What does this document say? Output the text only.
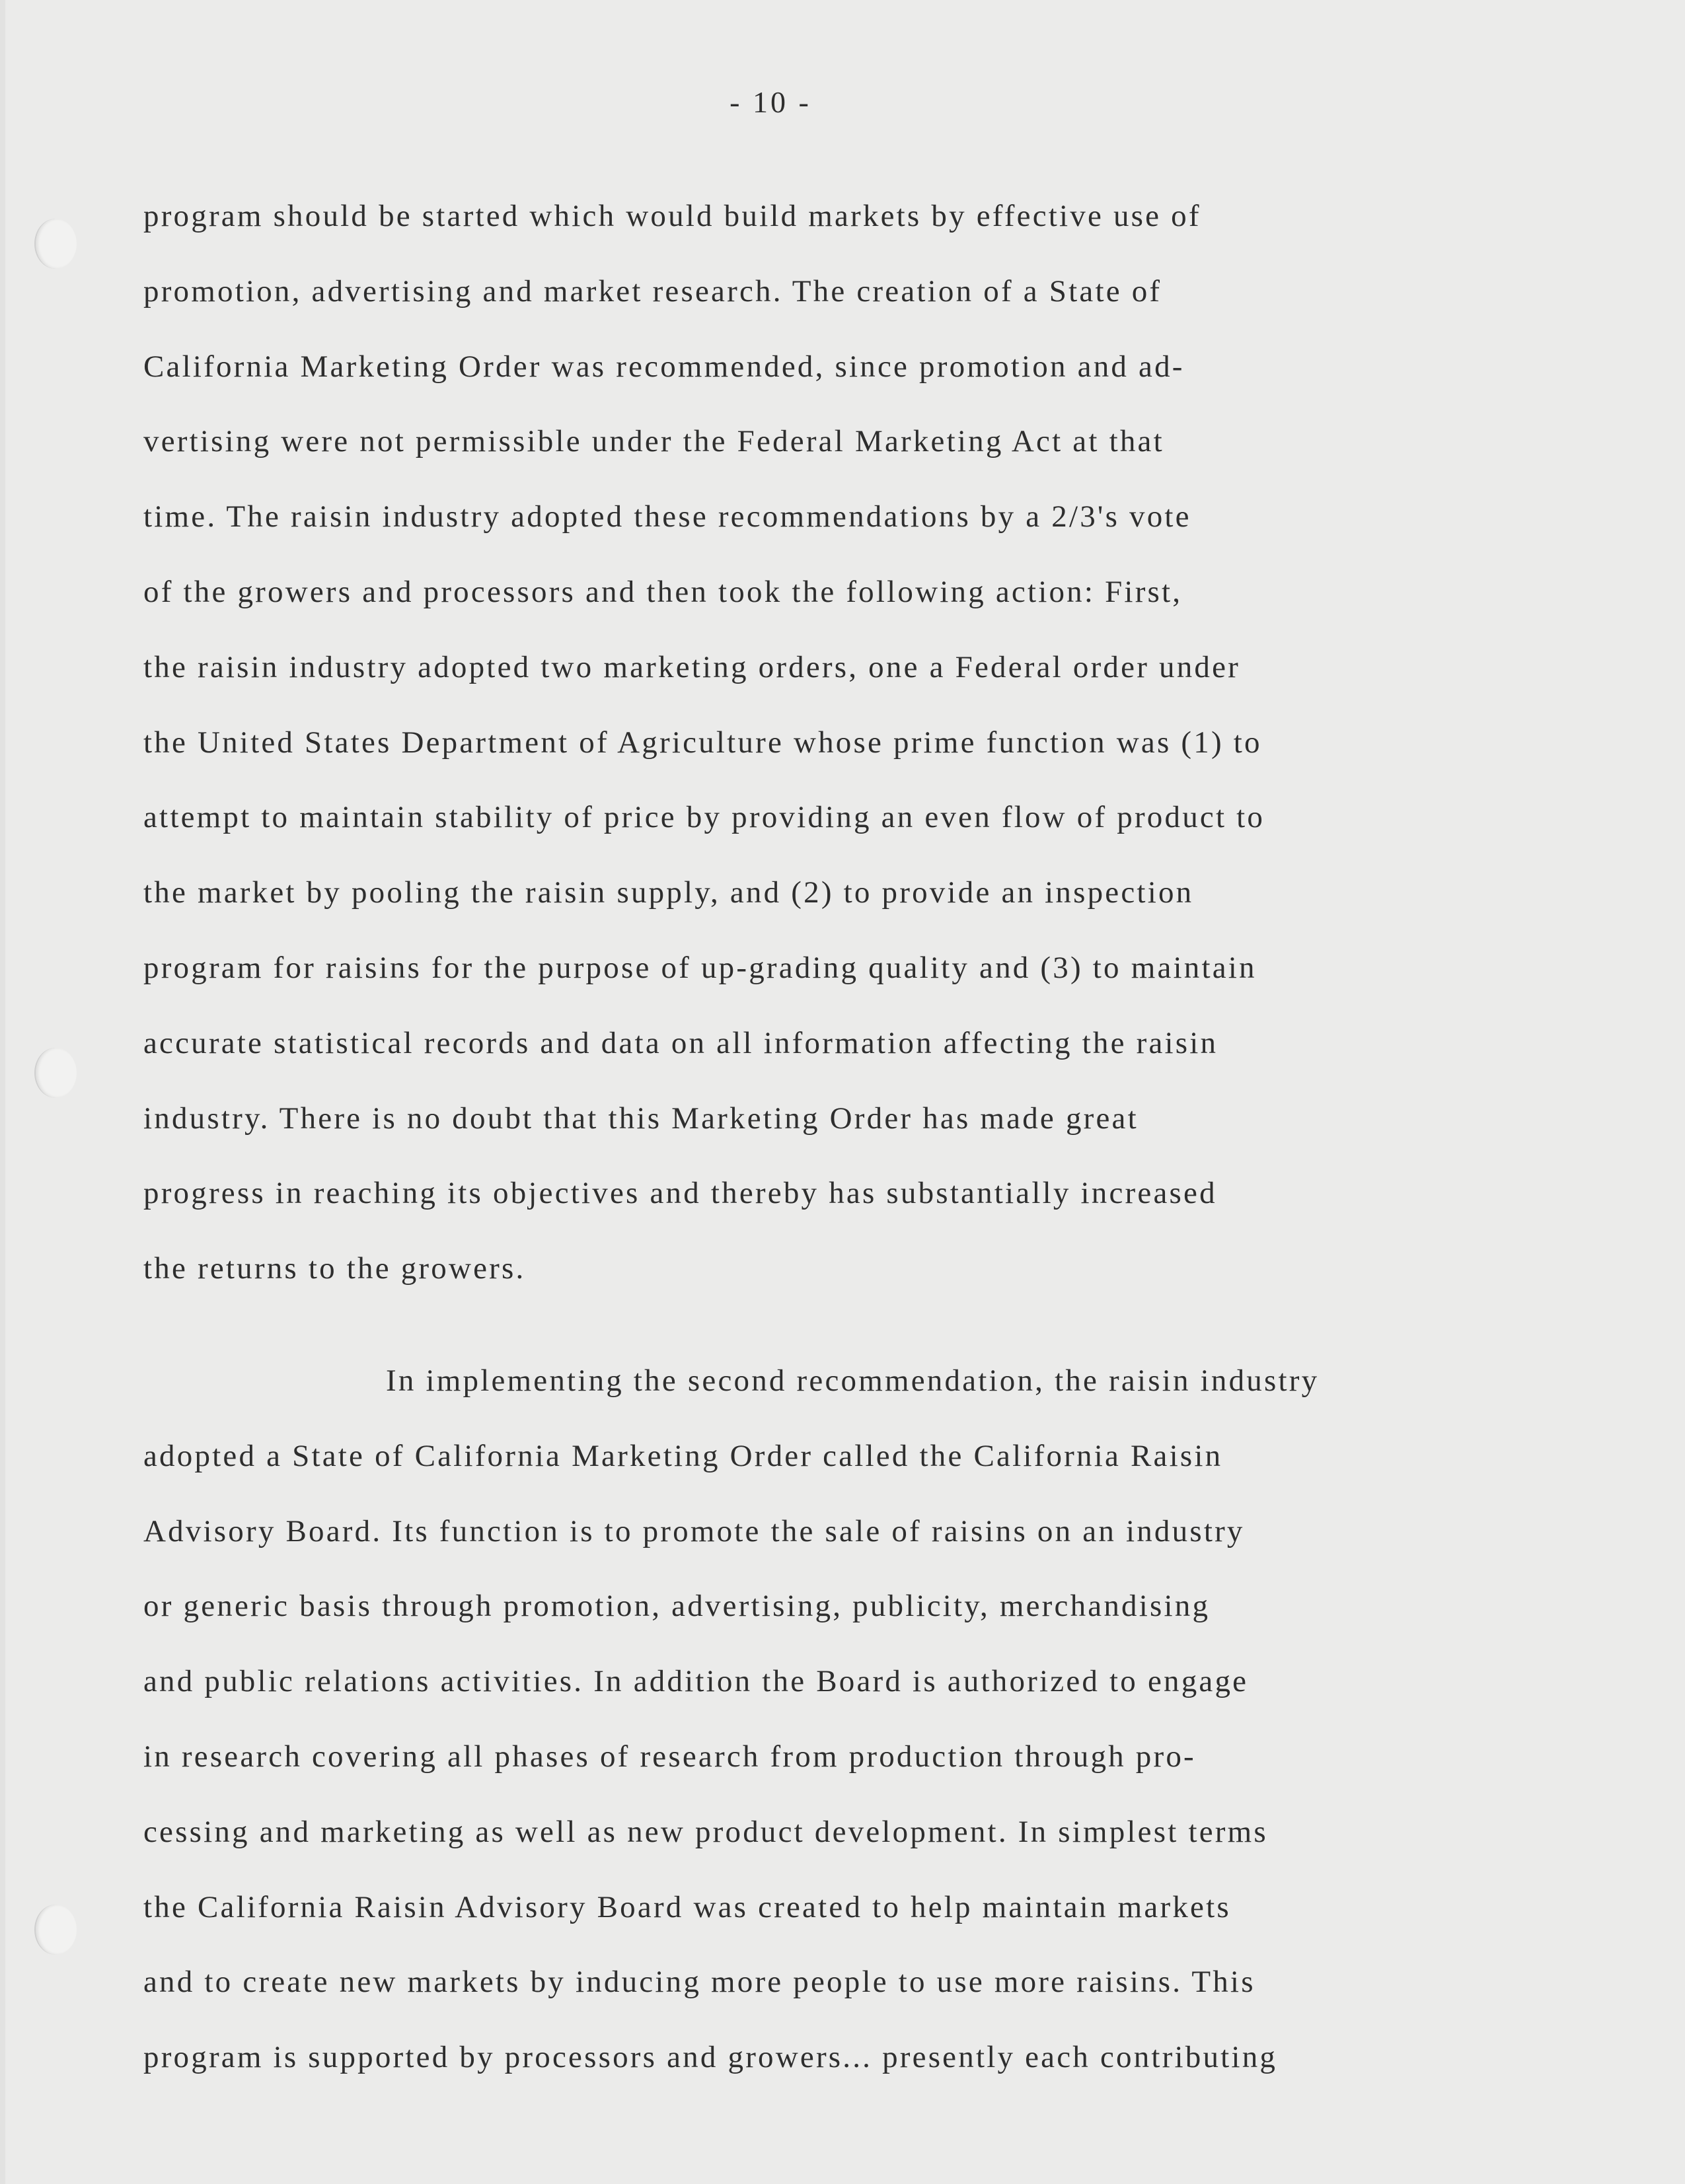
- 10 -
program should be started which would build markets by effective use of
promotion, advertising and market research. The creation of a State of
California Marketing Order was recommended, since promotion and ad-
vertising were not permissible under the Federal Marketing Act at that
time. The raisin industry adopted these recommendations by a 2/3's vote
of the growers and processors and then took the following action: First,
the raisin industry adopted two marketing orders, one a Federal order under
the United States Department of Agriculture whose prime function was (1) to
attempt to maintain stability of price by providing an even flow of product to
the market by pooling the raisin supply, and (2) to provide an inspection
program for raisins for the purpose of up-grading quality and (3) to maintain
accurate statistical records and data on all information affecting the raisin
industry. There is no doubt that this Marketing Order has made great
progress in reaching its objectives and thereby has substantially increased
the returns to the growers.
In implementing the second recommendation, the raisin industry
adopted a State of California Marketing Order called the California Raisin
Advisory Board. Its function is to promote the sale of raisins on an industry
or generic basis through promotion, advertising, publicity, merchandising
and public relations activities. In addition the Board is authorized to engage
in research covering all phases of research from production through pro-
cessing and marketing as well as new product development. In simplest terms
the California Raisin Advisory Board was created to help maintain markets
and to create new markets by inducing more people to use more raisins. This
program is supported by processors and growers... presently each contributing
